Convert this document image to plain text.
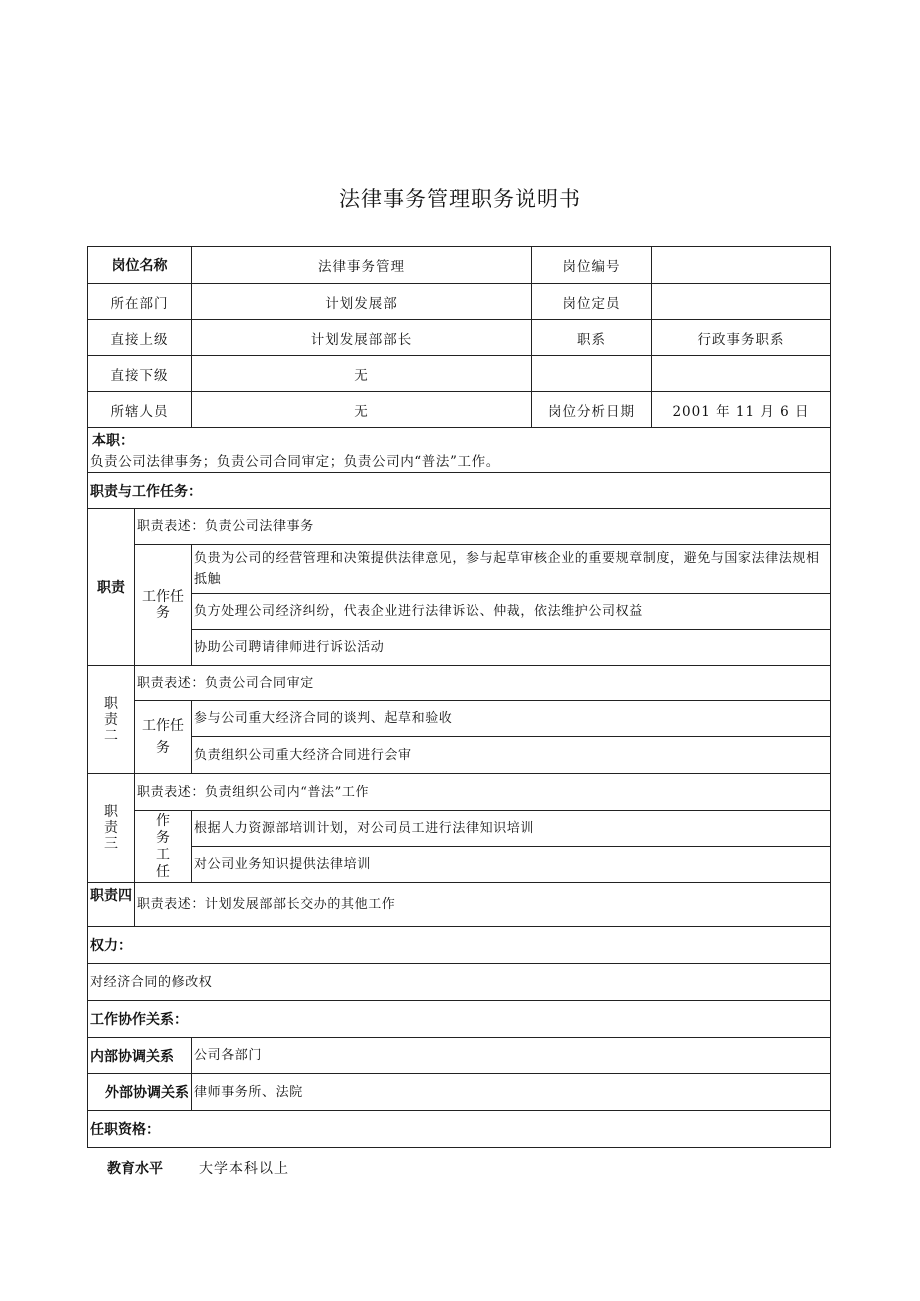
法律事务管理职务说明书
岗位名称		法律事务管理	岗位编号	
所在部门		计划发展部	岗位定员	
直接上级		计划发展部部长	职系	行政事务职系
直接下级		无		
所辖人员		无	岗位分析日期	2001 年 11 月 6 日

本职：
负责公司法律事务；负责公司合同审定；负责公司内“普法”工作。				

职责与工作任务：				
职责	职责表述：负责公司法律事务			

	工作任
务	负贵为公司的经营管理和决策提供法律意见，参与起草审核企业的重要规章制度，避免与国家法律法规相抵触		
		负方处理公司经济纠纷，代表企业进行法律诉讼、仲裁，依法维护公司权益		
		协助公司聘请律师进行诉讼活动		

职
责
二	职责表述：负责公司合同审定			

	工作任
务	参与公司重大经济合同的谈判、起草和验收		
		负责组织公司重大经济合同进行会审		

职
责
三	职责表述：负责组织公司内“普法”工作			

	作
务
工
任	根据人力资源部培训计划，对公司员工进行法律知识培训		
		对公司业务知识提供法律培训		
职责四	职责表述：计划发展部部长交办的其他工作			
权力：				
对经济合同的修改权				
工作协作关系：				
内部协调关系		公司各部门		
外部协调关系		律师事务所、法院		
任职资格：				
教育水平	大学本科以上
